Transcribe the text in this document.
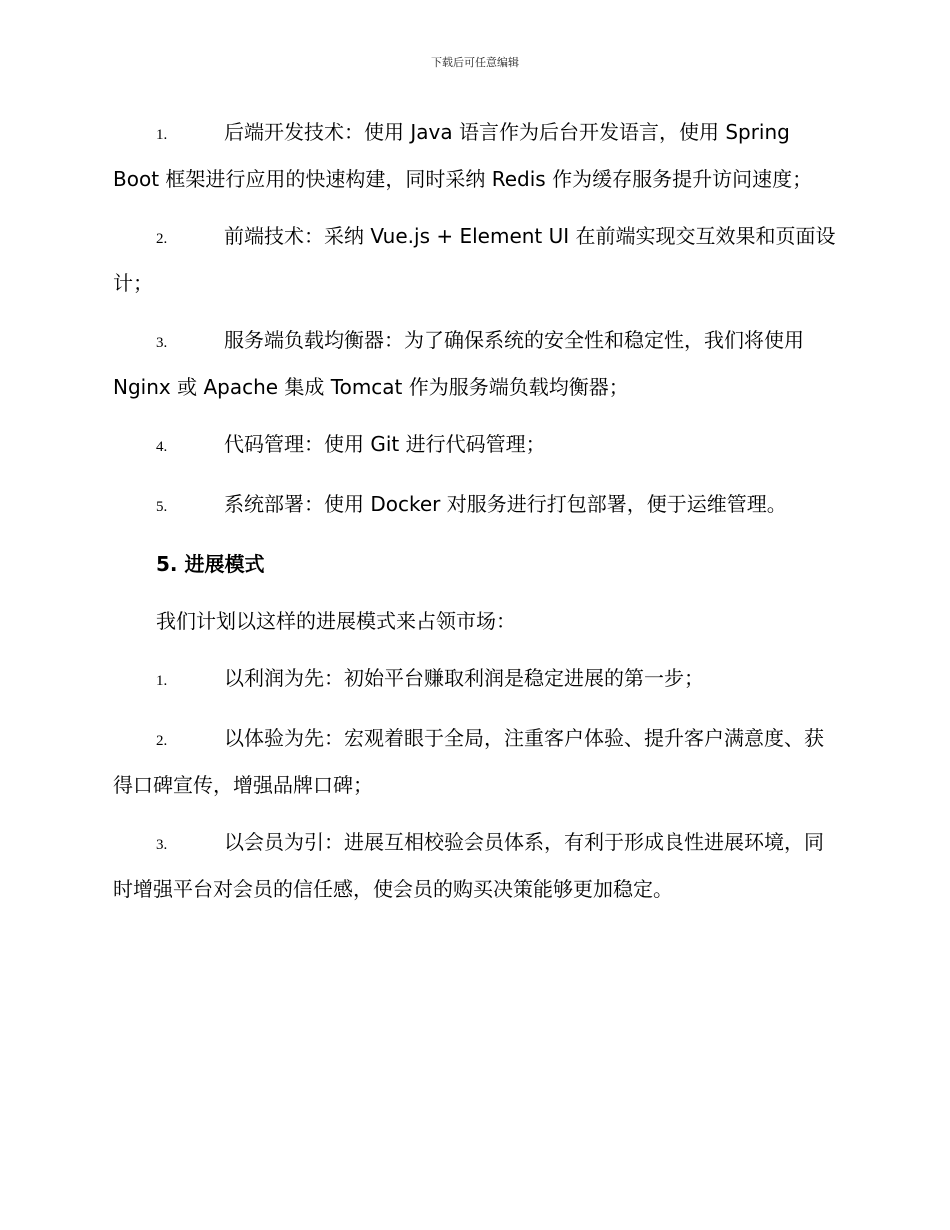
下载后可任意编辑

1.	后端开发技术：使用 Java 语言作为后台开发语言，使用 Spring Boot 框架进行应用的快速构建，同时采纳 Redis 作为缓存服务提升访问速度；

2.	前端技术：采纳 Vue.js + Element UI 在前端实现交互效果和页面设计；

3.	服务端负载均衡器：为了确保系统的安全性和稳定性，我们将使用 Nginx 或 Apache 集成 Tomcat 作为服务端负载均衡器；

4.	代码管理：使用 Git 进行代码管理；

5.	系统部署：使用 Docker 对服务进行打包部署，便于运维管理。

5. 进展模式

我们计划以这样的进展模式来占领市场：

1.	以利润为先：初始平台赚取利润是稳定进展的第一步；

2.	以体验为先：宏观着眼于全局，注重客户体验、提升客户满意度、获得口碑宣传，增强品牌口碑；

3.	以会员为引：进展互相校验会员体系，有利于形成良性进展环境，同时增强平台对会员的信任感，使会员的购买决策能够更加稳定。
